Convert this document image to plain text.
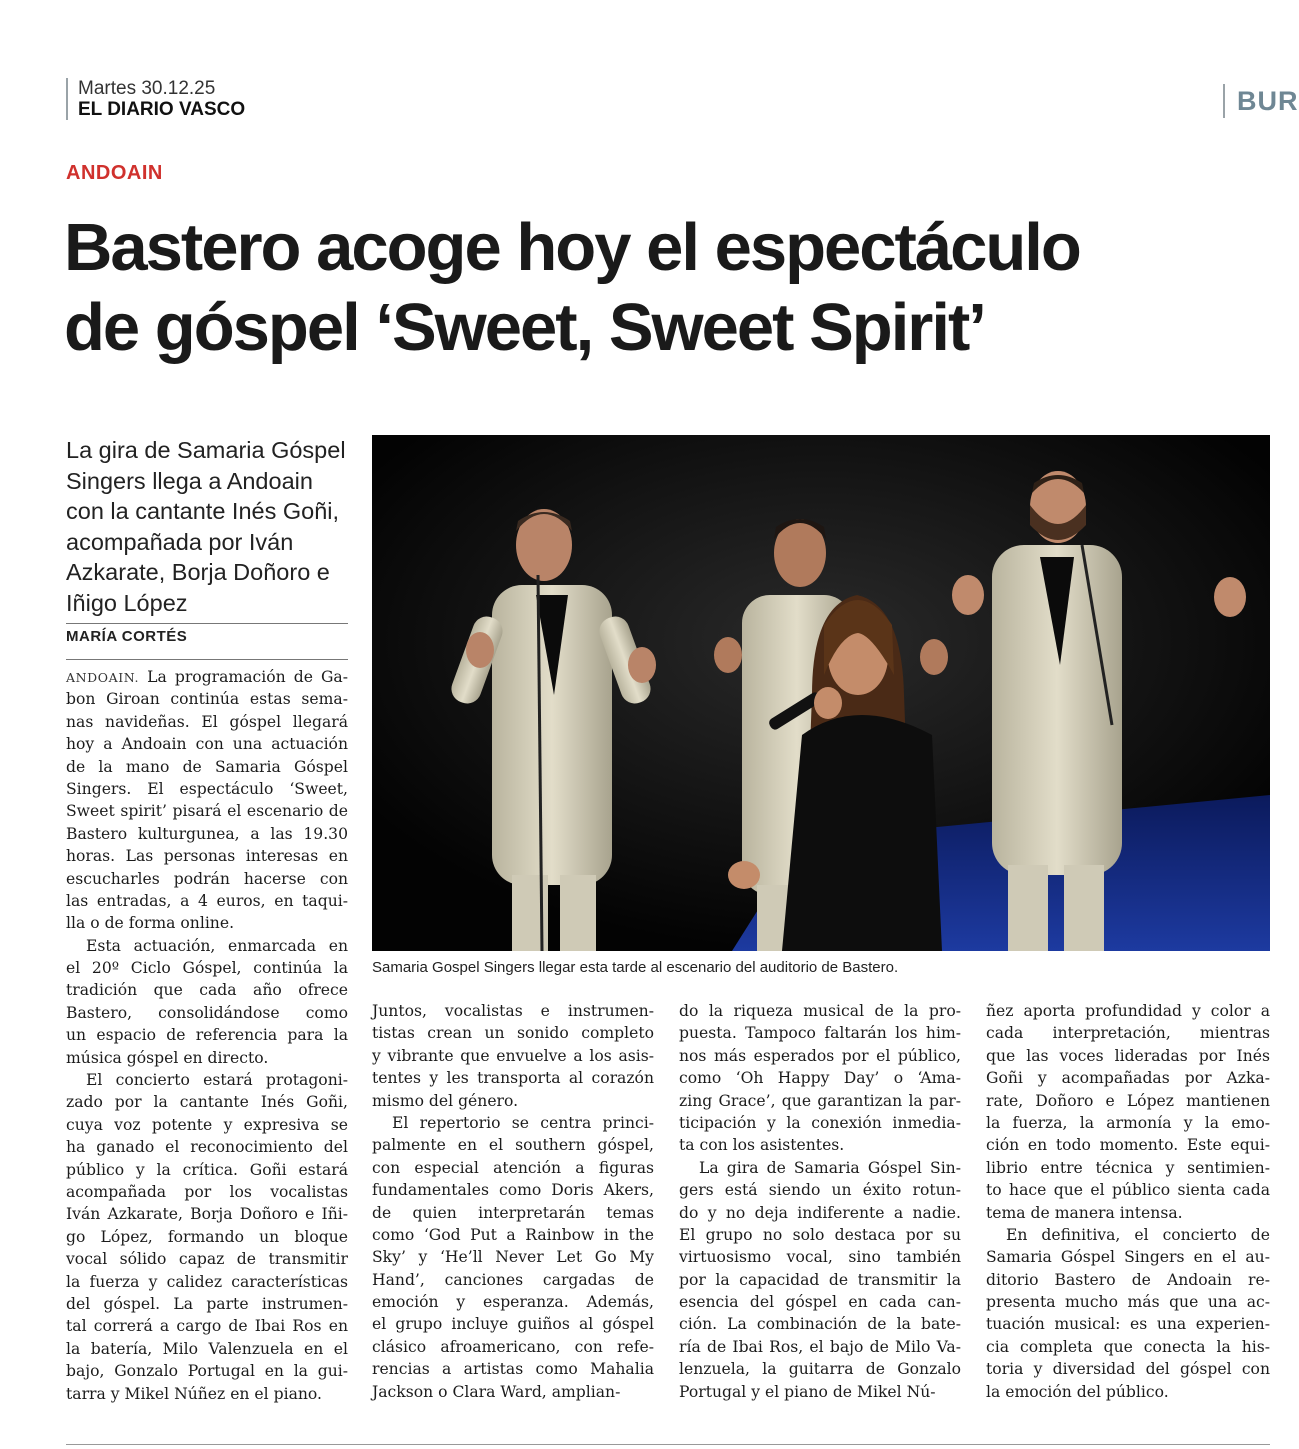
Martes 30.12.25
EL DIARIO VASCO	BUR
ANDOAIN
Bastero acoge hoy el espectáculo
de góspel ‘Sweet, Sweet Spirit’
La gira de Samaria Góspel
Singers llega a Andoain
con la cantante Inés Goñi,
acompañada por Iván
Azkarate, Borja Doñoro e
Iñigo López
MARÍA CORTÉS
Samaria Gospel Singers llegar esta tarde al escenario del auditorio de Bastero.
ANDOAIN. La programación de Ga-
bon Giroan continúa estas sema-
nas navideñas. El góspel llegará
hoy a Andoain con una actuación
de la mano de Samaria Góspel
Singers. El espectáculo ‘Sweet,
Sweet spirit’ pisará el escenario de
Bastero kulturgunea, a las 19.30
horas. Las personas interesas en
escucharles podrán hacerse con
las entradas, a 4 euros, en taqui-
lla o de forma online.
Esta actuación, enmarcada en
el 20º Ciclo Góspel, continúa la
tradición que cada año ofrece
Bastero, consolidándose como
un espacio de referencia para la
música góspel en directo.
El concierto estará protagoni-
zado por la cantante Inés Goñi,
cuya voz potente y expresiva se
ha ganado el reconocimiento del
público y la crítica. Goñi estará
acompañada por los vocalistas
Iván Azkarate, Borja Doñoro e Iñi-
go López, formando un bloque
vocal sólido capaz de transmitir
la fuerza y calidez características
del góspel. La parte instrumen-
tal correrá a cargo de Ibai Ros en
la batería, Milo Valenzuela en el
bajo, Gonzalo Portugal en la gui-
tarra y Mikel Núñez en el piano.
Juntos, vocalistas e instrumen-
tistas crean un sonido completo
y vibrante que envuelve a los asis-
tentes y les transporta al corazón
mismo del género.
El repertorio se centra princi-
palmente en el southern góspel,
con especial atención a figuras
fundamentales como Doris Akers,
de quien interpretarán temas
como ‘God Put a Rainbow in the
Sky’ y ‘He’ll Never Let Go My
Hand’, canciones cargadas de
emoción y esperanza. Además,
el grupo incluye guiños al góspel
clásico afroamericano, con refe-
rencias a artistas como Mahalia
Jackson o Clara Ward, amplian-
do la riqueza musical de la pro-
puesta. Tampoco faltarán los him-
nos más esperados por el público,
como ‘Oh Happy Day’ o ‘Ama-
zing Grace’, que garantizan la par-
ticipación y la conexión inmedia-
ta con los asistentes.
La gira de Samaria Góspel Sin-
gers está siendo un éxito rotun-
do y no deja indiferente a nadie.
El grupo no solo destaca por su
virtuosismo vocal, sino también
por la capacidad de transmitir la
esencia del góspel en cada can-
ción. La combinación de la bate-
ría de Ibai Ros, el bajo de Milo Va-
lenzuela, la guitarra de Gonzalo
Portugal y el piano de Mikel Nú-
ñez aporta profundidad y color a
cada interpretación, mientras
que las voces lideradas por Inés
Goñi y acompañadas por Azka-
rate, Doñoro e López mantienen
la fuerza, la armonía y la emo-
ción en todo momento. Este equi-
librio entre técnica y sentimien-
to hace que el público sienta cada
tema de manera intensa.
En definitiva, el concierto de
Samaria Góspel Singers en el au-
ditorio Bastero de Andoain re-
presenta mucho más que una ac-
tuación musical: es una experien-
cia completa que conecta la his-
toria y diversidad del góspel con
la emoción del público.
